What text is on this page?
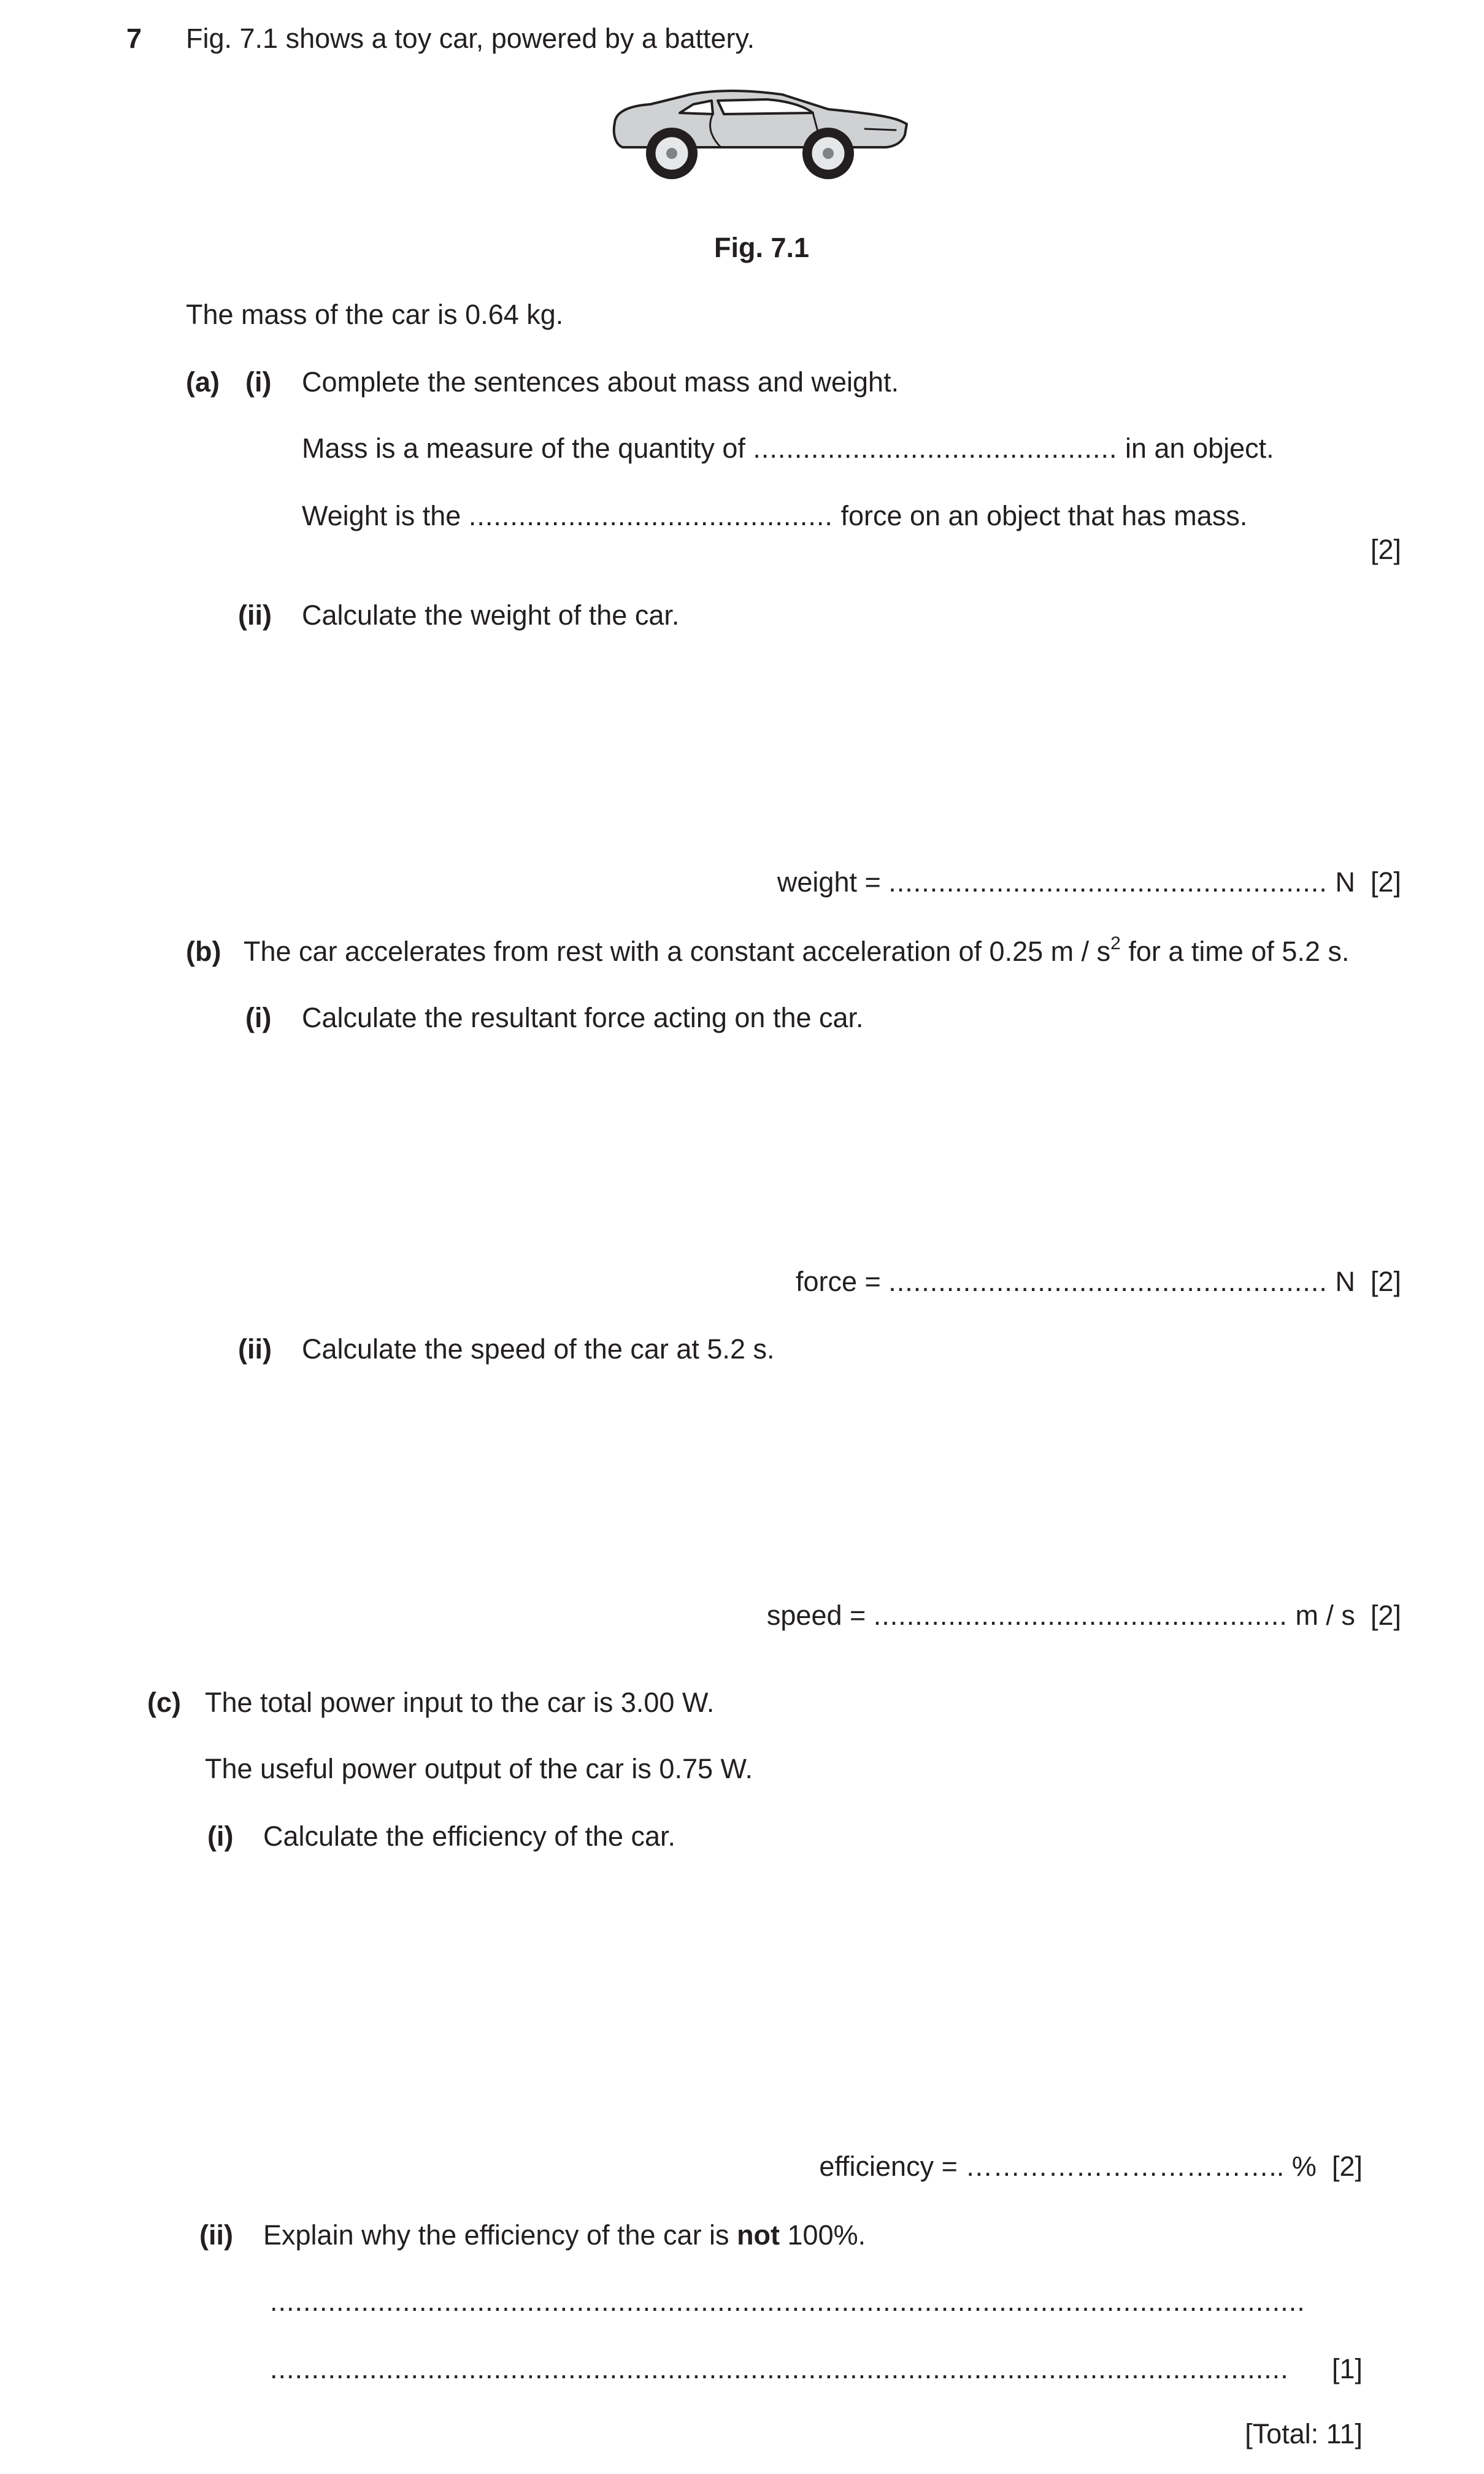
7 Fig. 7.1 shows a toy car, powered by a battery.
Fig. 7.1
The mass of the car is 0.64 kg.
(a) (i) Complete the sentences about mass and weight.
Mass is a measure of the quantity of ............................................ in an object.
Weight is the ............................................ force on an object that has mass.
[2]
(ii) Calculate the weight of the car.
weight = ..................................................... N [2]
(b) The car accelerates from rest with a constant acceleration of 0.25 m / $s^2$ for a time of 5.2 s.
(i) Calculate the resultant force acting on the car.
force = ..................................................... N [2]
(ii) Calculate the speed of the car at 5.2 s.
speed = .................................................. m / s [2]
(c) The total power input to the car is 3.00 W.
The useful power output of the car is 0.75 W.
(i) Calculate the efficiency of the car.
efficiency = …………………………….. % [2]
(ii) Explain why the efficiency of the car is not 100%.
.............................................................................................................................
........................................................................................................................... [1]
[Total: 11]
